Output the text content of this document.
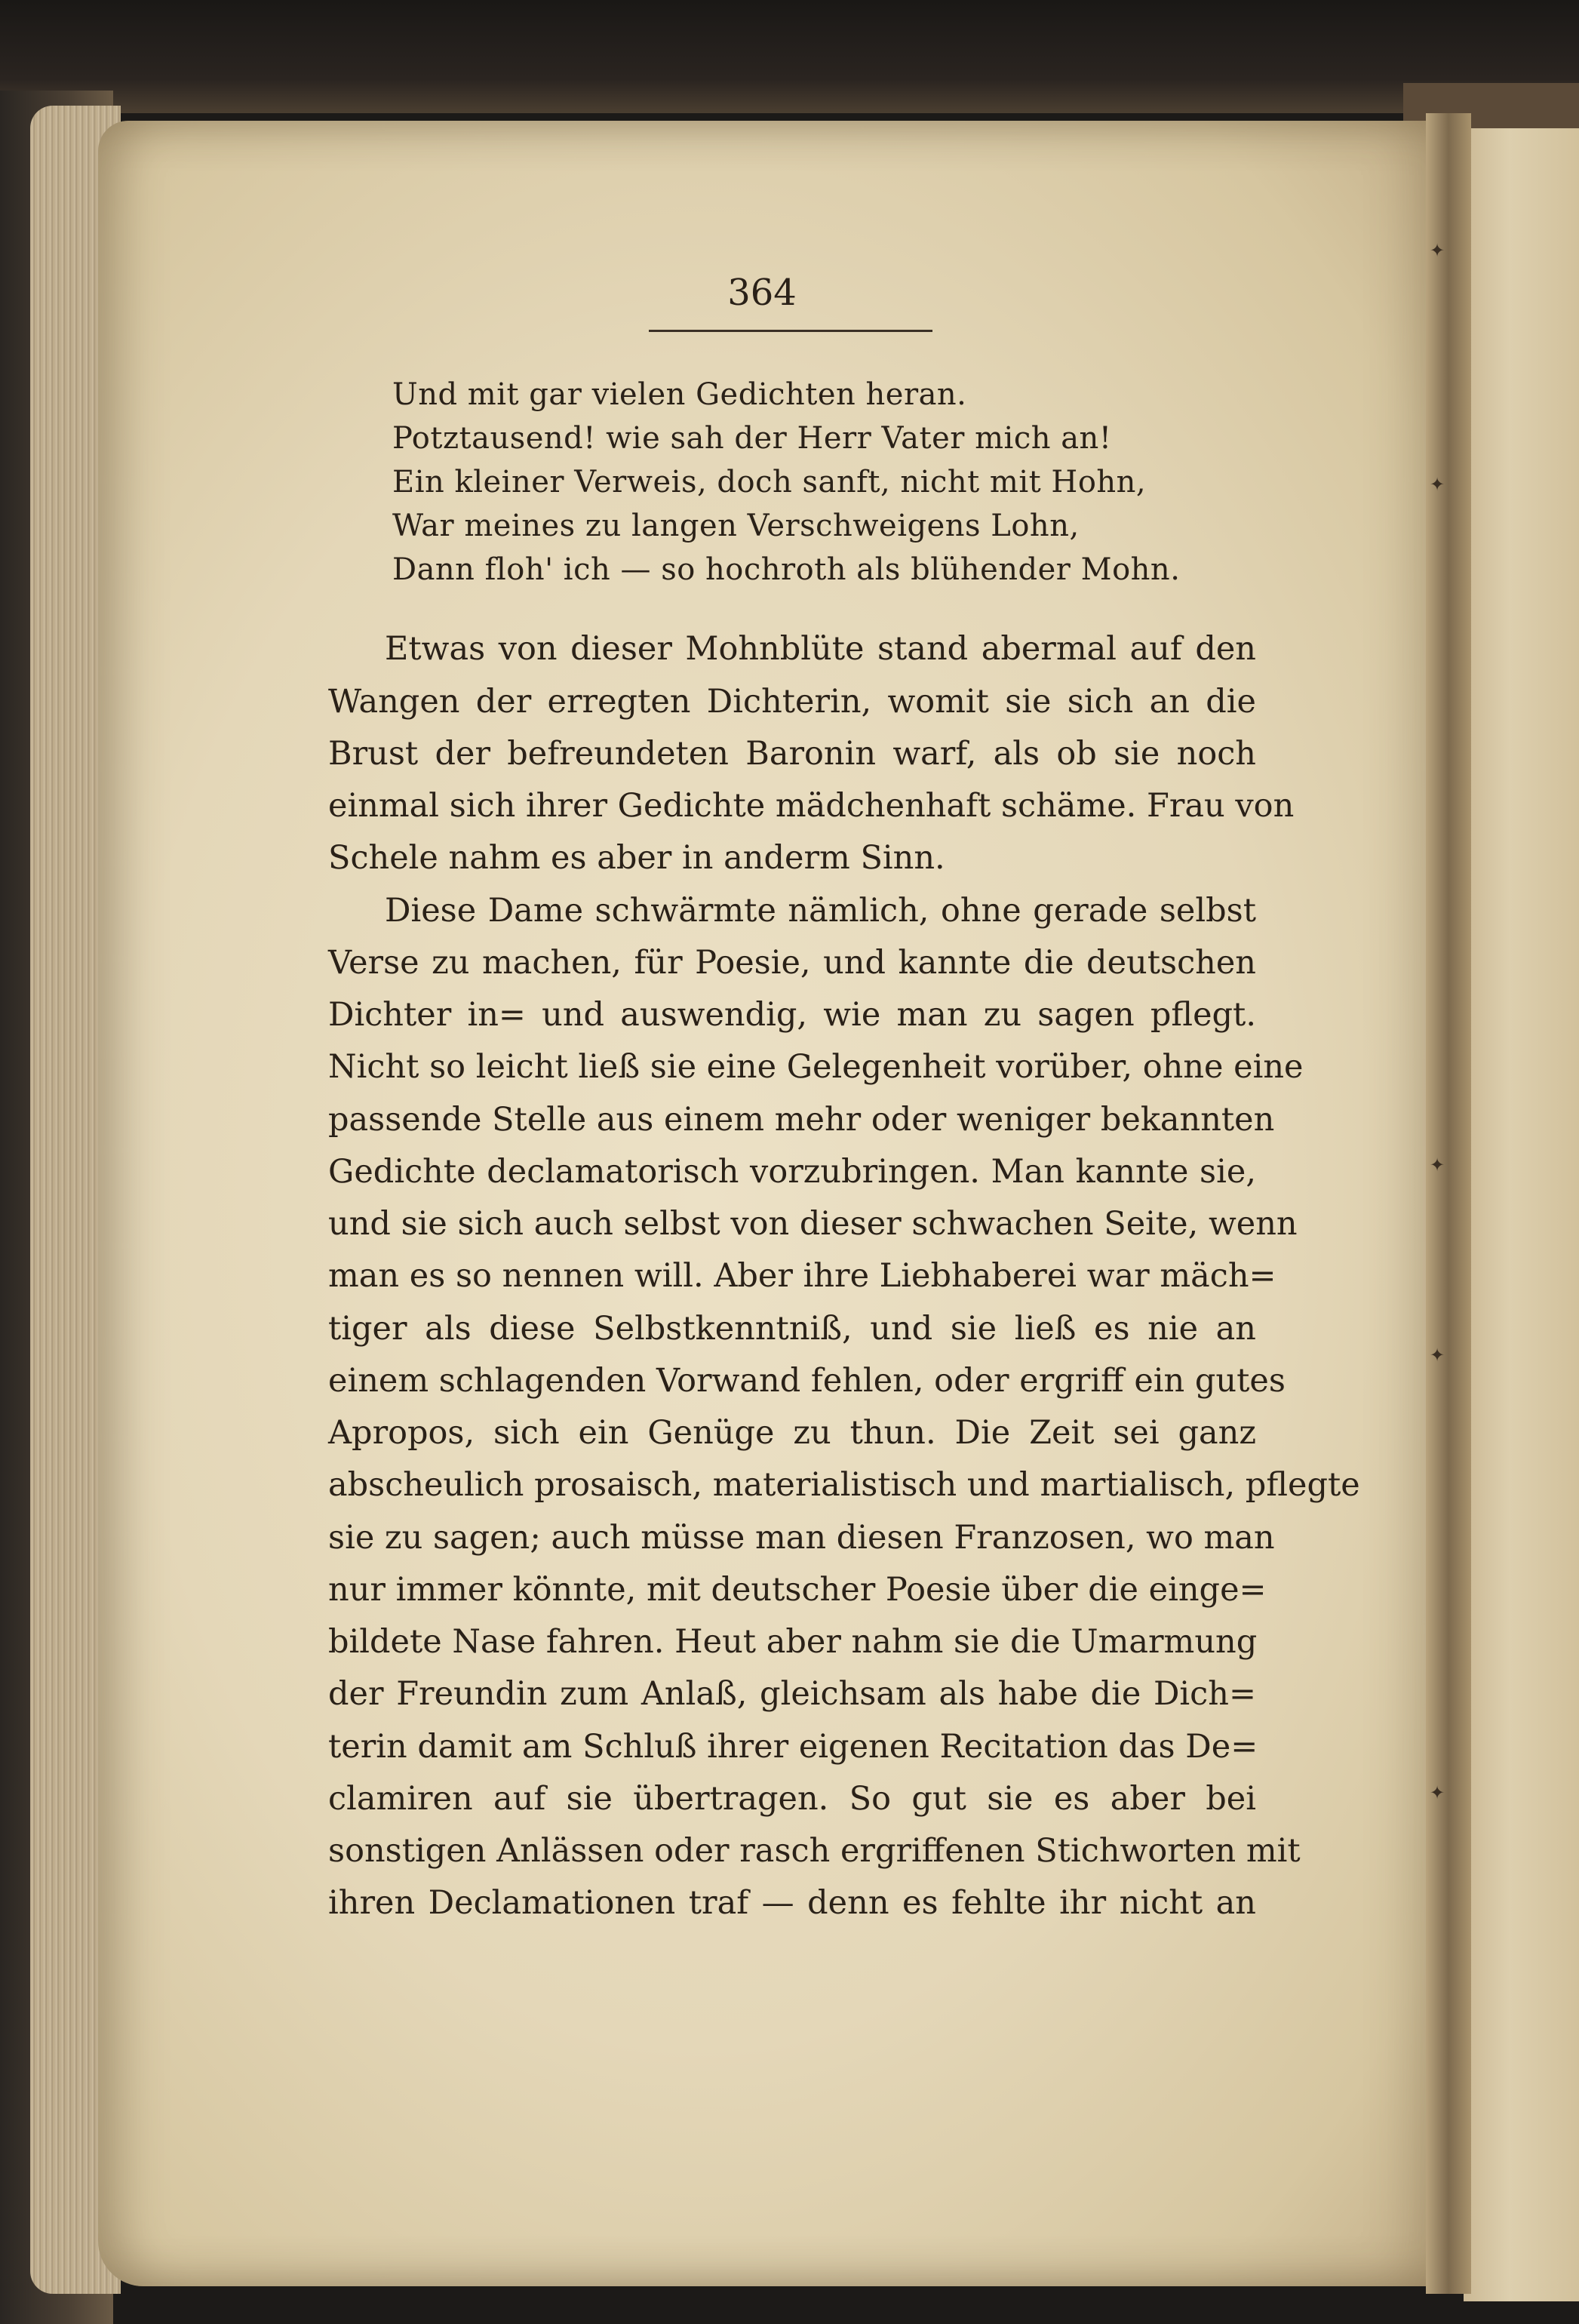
364
Und mit gar vielen Gedichten heran.
Potztausend! wie sah der Herr Vater mich an!
Ein kleiner Verweis, doch sanft, nicht mit Hohn,
War meines zu langen Verschweigens Lohn,
Dann floh' ich — so hochroth als blühender Mohn.
Etwas von dieser Mohnblüte stand abermal auf den
Wangen der erregten Dichterin, womit sie sich an die
Brust der befreundeten Baronin warf, als ob sie noch
einmal sich ihrer Gedichte mädchenhaft schäme. Frau von
Schele nahm es aber in anderm Sinn.
Diese Dame schwärmte nämlich, ohne gerade selbst
Verse zu machen, für Poesie, und kannte die deutschen
Dichter in= und auswendig, wie man zu sagen pflegt.
Nicht so leicht ließ sie eine Gelegenheit vorüber, ohne eine
passende Stelle aus einem mehr oder weniger bekannten
Gedichte declamatorisch vorzubringen. Man kannte sie,
und sie sich auch selbst von dieser schwachen Seite, wenn
man es so nennen will. Aber ihre Liebhaberei war mäch=
tiger als diese Selbstkenntniß, und sie ließ es nie an
einem schlagenden Vorwand fehlen, oder ergriff ein gutes
Apropos, sich ein Genüge zu thun. Die Zeit sei ganz
abscheulich prosaisch, materialistisch und martialisch, pflegte
sie zu sagen; auch müsse man diesen Franzosen, wo man
nur immer könnte, mit deutscher Poesie über die einge=
bildete Nase fahren. Heut aber nahm sie die Umarmung
der Freundin zum Anlaß, gleichsam als habe die Dich=
terin damit am Schluß ihrer eigenen Recitation das De=
clamiren auf sie übertragen. So gut sie es aber bei
sonstigen Anlässen oder rasch ergriffenen Stichworten mit
ihren Declamationen traf — denn es fehlte ihr nicht an
✦
✦
✦
✦
✦
